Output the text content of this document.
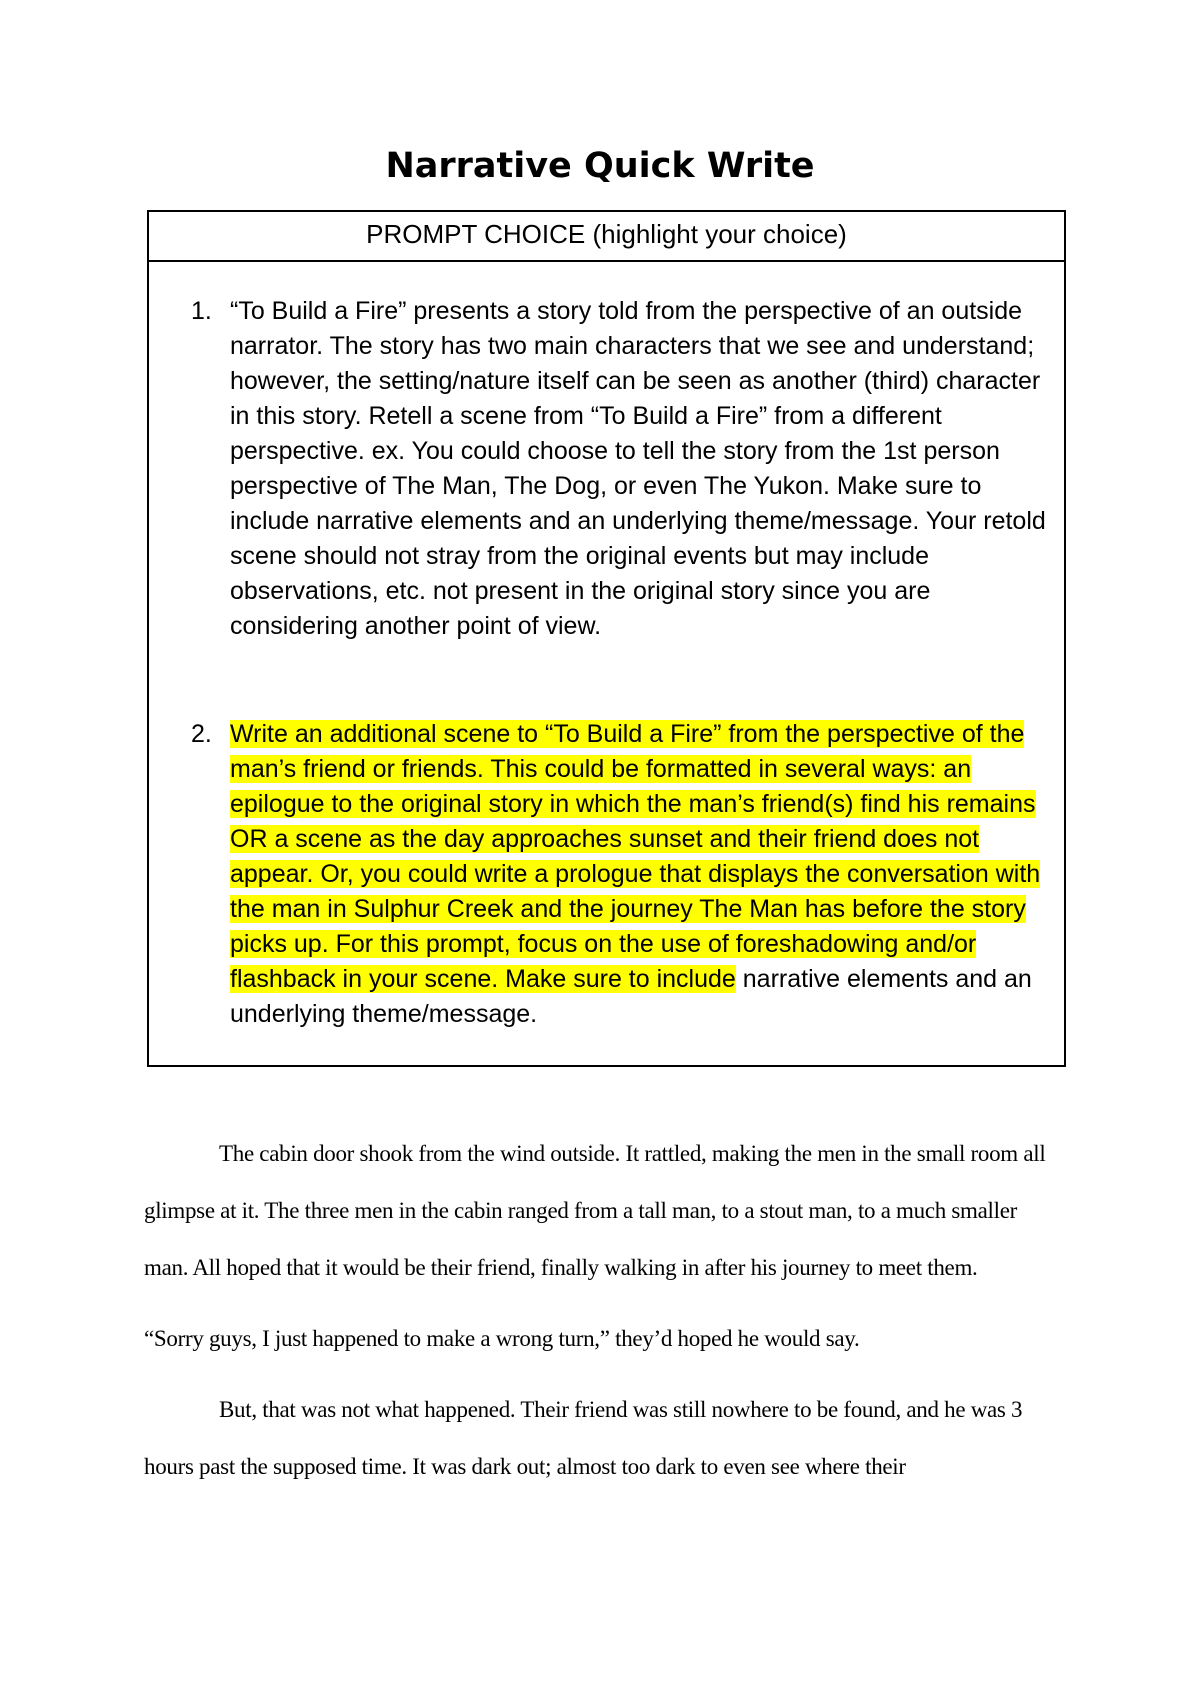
Narrative Quick Write
PROMPT CHOICE (highlight your choice)
1. “To Build a Fire” presents a story told from the perspective of an outside narrator. The story has two main characters that we see and understand; however, the setting/nature itself can be seen as another (third) character in this story. Retell a scene from “To Build a Fire” from a different perspective. ex. You could choose to tell the story from the 1st person perspective of The Man, The Dog, or even The Yukon. Make sure to include narrative elements and an underlying theme/message. Your retold scene should not stray from the original events but may include observations, etc. not present in the original story since you are considering another point of view.
2. Write an additional scene to “To Build a Fire” from the perspective of the man’s friend or friends. This could be formatted in several ways: an epilogue to the original story in which the man’s friend(s) find his remains OR a scene as the day approaches sunset and their friend does not appear. Or, you could write a prologue that displays the conversation with the man in Sulphur Creek and the journey The Man has before the story picks up. For this prompt, focus on the use of foreshadowing and/or flashback in your scene. Make sure to include narrative elements and an underlying theme/message.

The cabin door shook from the wind outside. It rattled, making the men in the small room all glimpse at it. The three men in the cabin ranged from a tall man, to a stout man, to a much smaller man. All hoped that it would be their friend, finally walking in after his journey to meet them.

“Sorry guys, I just happened to make a wrong turn,” they’d hoped he would say.

But, that was not what happened. Their friend was still nowhere to be found, and he was 3 hours past the supposed time. It was dark out; almost too dark to even see where their
